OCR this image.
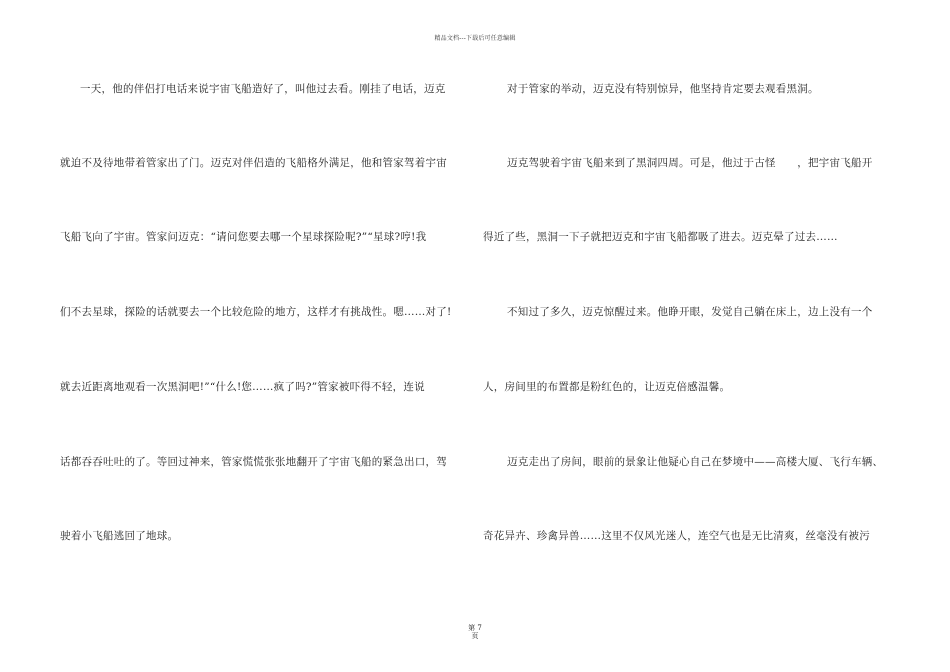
精品文档---下载后可任意编辑
一天，他的伴侣打电话来说宇宙飞船造好了，叫他过去看。刚挂了电话，迈克
就迫不及待地带着管家出了门。迈克对伴侣造的飞船格外满足，他和管家驾着宇宙
飞船飞向了宇宙。管家问迈克：“请问您要去哪一个星球探险呢?”“星球?哼!我
们不去星球，探险的话就要去一个比较危险的地方，这样才有挑战性。嗯……对了!
就去近距离地观看一次黑洞吧!”“什么!您……疯了吗?”管家被吓得不轻，连说
话都吞吞吐吐的了。等回过神来，管家慌慌张张地翻开了宇宙飞船的紧急出口，驾
驶着小飞船逃回了地球。
对于管家的举动，迈克没有特别惊异，他坚持肯定要去观看黑洞。
迈克驾驶着宇宙飞船来到了黑洞四周。可是，他过于古怪　　，把宇宙飞船开
得近了些，黑洞一下子就把迈克和宇宙飞船都吸了进去。迈克晕了过去……
不知过了多久，迈克惊醒过来。他睁开眼，发觉自己躺在床上，边上没有一个
人，房间里的布置都是粉红色的，让迈克倍感温馨。
迈克走出了房间，眼前的景象让他疑心自己在梦境中——高楼大厦、飞行车辆、
奇花异卉、珍禽异兽……这里不仅风光迷人，连空气也是无比清爽，丝毫没有被污
第 7
页
